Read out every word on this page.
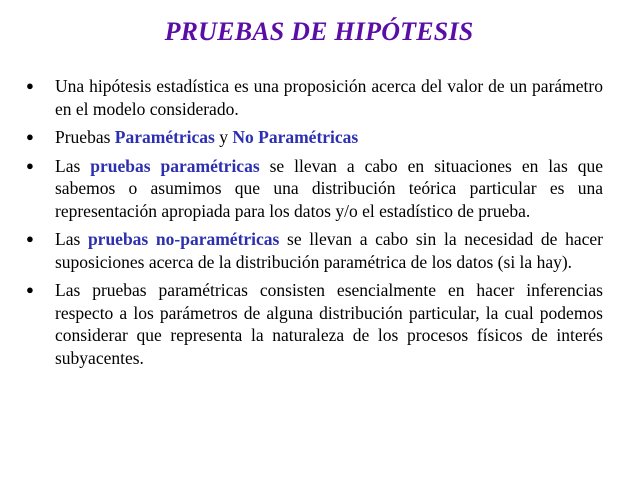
PRUEBAS DE HIPÓTESIS
● Una hipótesis estadística es una proposición acerca del valor de un parámetro en el modelo considerado.
● Pruebas Paramétricas y No Paramétricas
● Las pruebas paramétricas se llevan a cabo en situaciones en las que sabemos o asumimos que una distribución teórica particular es una representación apropiada para los datos y/o el estadístico de prueba.
● Las pruebas no-paramétricas se llevan a cabo sin la necesidad de hacer suposiciones acerca de la distribución paramétrica de los datos (si la hay).
● Las pruebas paramétricas consisten esencialmente en hacer inferencias respecto a los parámetros de alguna distribución particular, la cual podemos considerar que representa la naturaleza de los procesos físicos de interés subyacentes.
